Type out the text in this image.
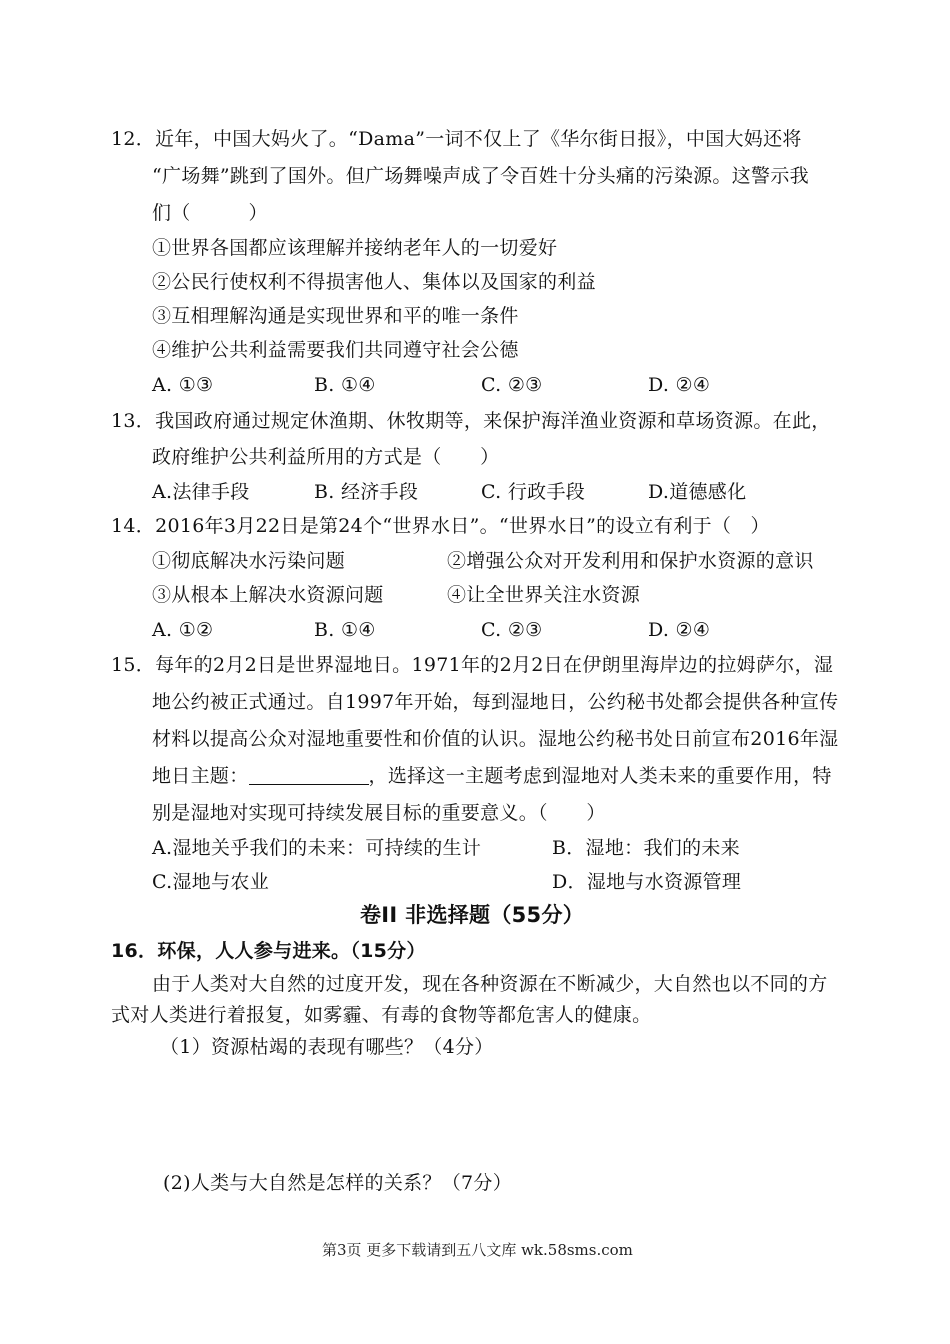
12．近年，中国大妈火了。“Dama”一词不仅上了《华尔街日报》，中国大妈还将
“广场舞”跳到了国外。但广场舞噪声成了令百姓十分头痛的污染源。这警示我
们（　　　）
①世界各国都应该理解并接纳老年人的一切爱好
②公民行使权利不得损害他人、集体以及国家的利益
③互相理解沟通是实现世界和平的唯一条件
④维护公共利益需要我们共同遵守社会公德
A. ①③	B. ①④	C. ②③	D. ②④
13．我国政府通过规定休渔期、休牧期等，来保护海洋渔业资源和草场资源。在此，
政府维护公共利益所用的方式是（　　）
A.法律手段	B. 经济手段	C. 行政手段	D.道德感化
14．2016年3月22日是第24个“世界水日”。“世界水日”的设立有利于（　）
①彻底解决水污染问题	②增强公众对开发利用和保护水资源的意识
③从根本上解决水资源问题	④让全世界关注水资源
A. ①②	B. ①④	C. ②③	D. ②④
15．每年的2月2日是世界湿地日。1971年的2月2日在伊朗里海岸边的拉姆萨尔，湿
地公约被正式通过。自1997年开始，每到湿地日，公约秘书处都会提供各种宣传
材料以提高公众对湿地重要性和价值的认识。湿地公约秘书处日前宣布2016年湿
地日主题：	，选择这一主题考虑到湿地对人类未来的重要作用，特
别是湿地对实现可持续发展目标的重要意义。（　　）
A.湿地关乎我们的未来：可持续的生计	B．湿地：我们的未来
C.湿地与农业	D．湿地与水资源管理
卷II 非选择题（55分）
16．环保，人人参与进来。（15分）
由于人类对大自然的过度开发，现在各种资源在不断减少，大自然也以不同的方
式对人类进行着报复，如雾霾、有毒的食物等都危害人的健康。
（1）资源枯竭的表现有哪些？（4分）
(2)人类与大自然是怎样的关系？（7分）
第3页 更多下载请到五八文库 wk.58sms.com
